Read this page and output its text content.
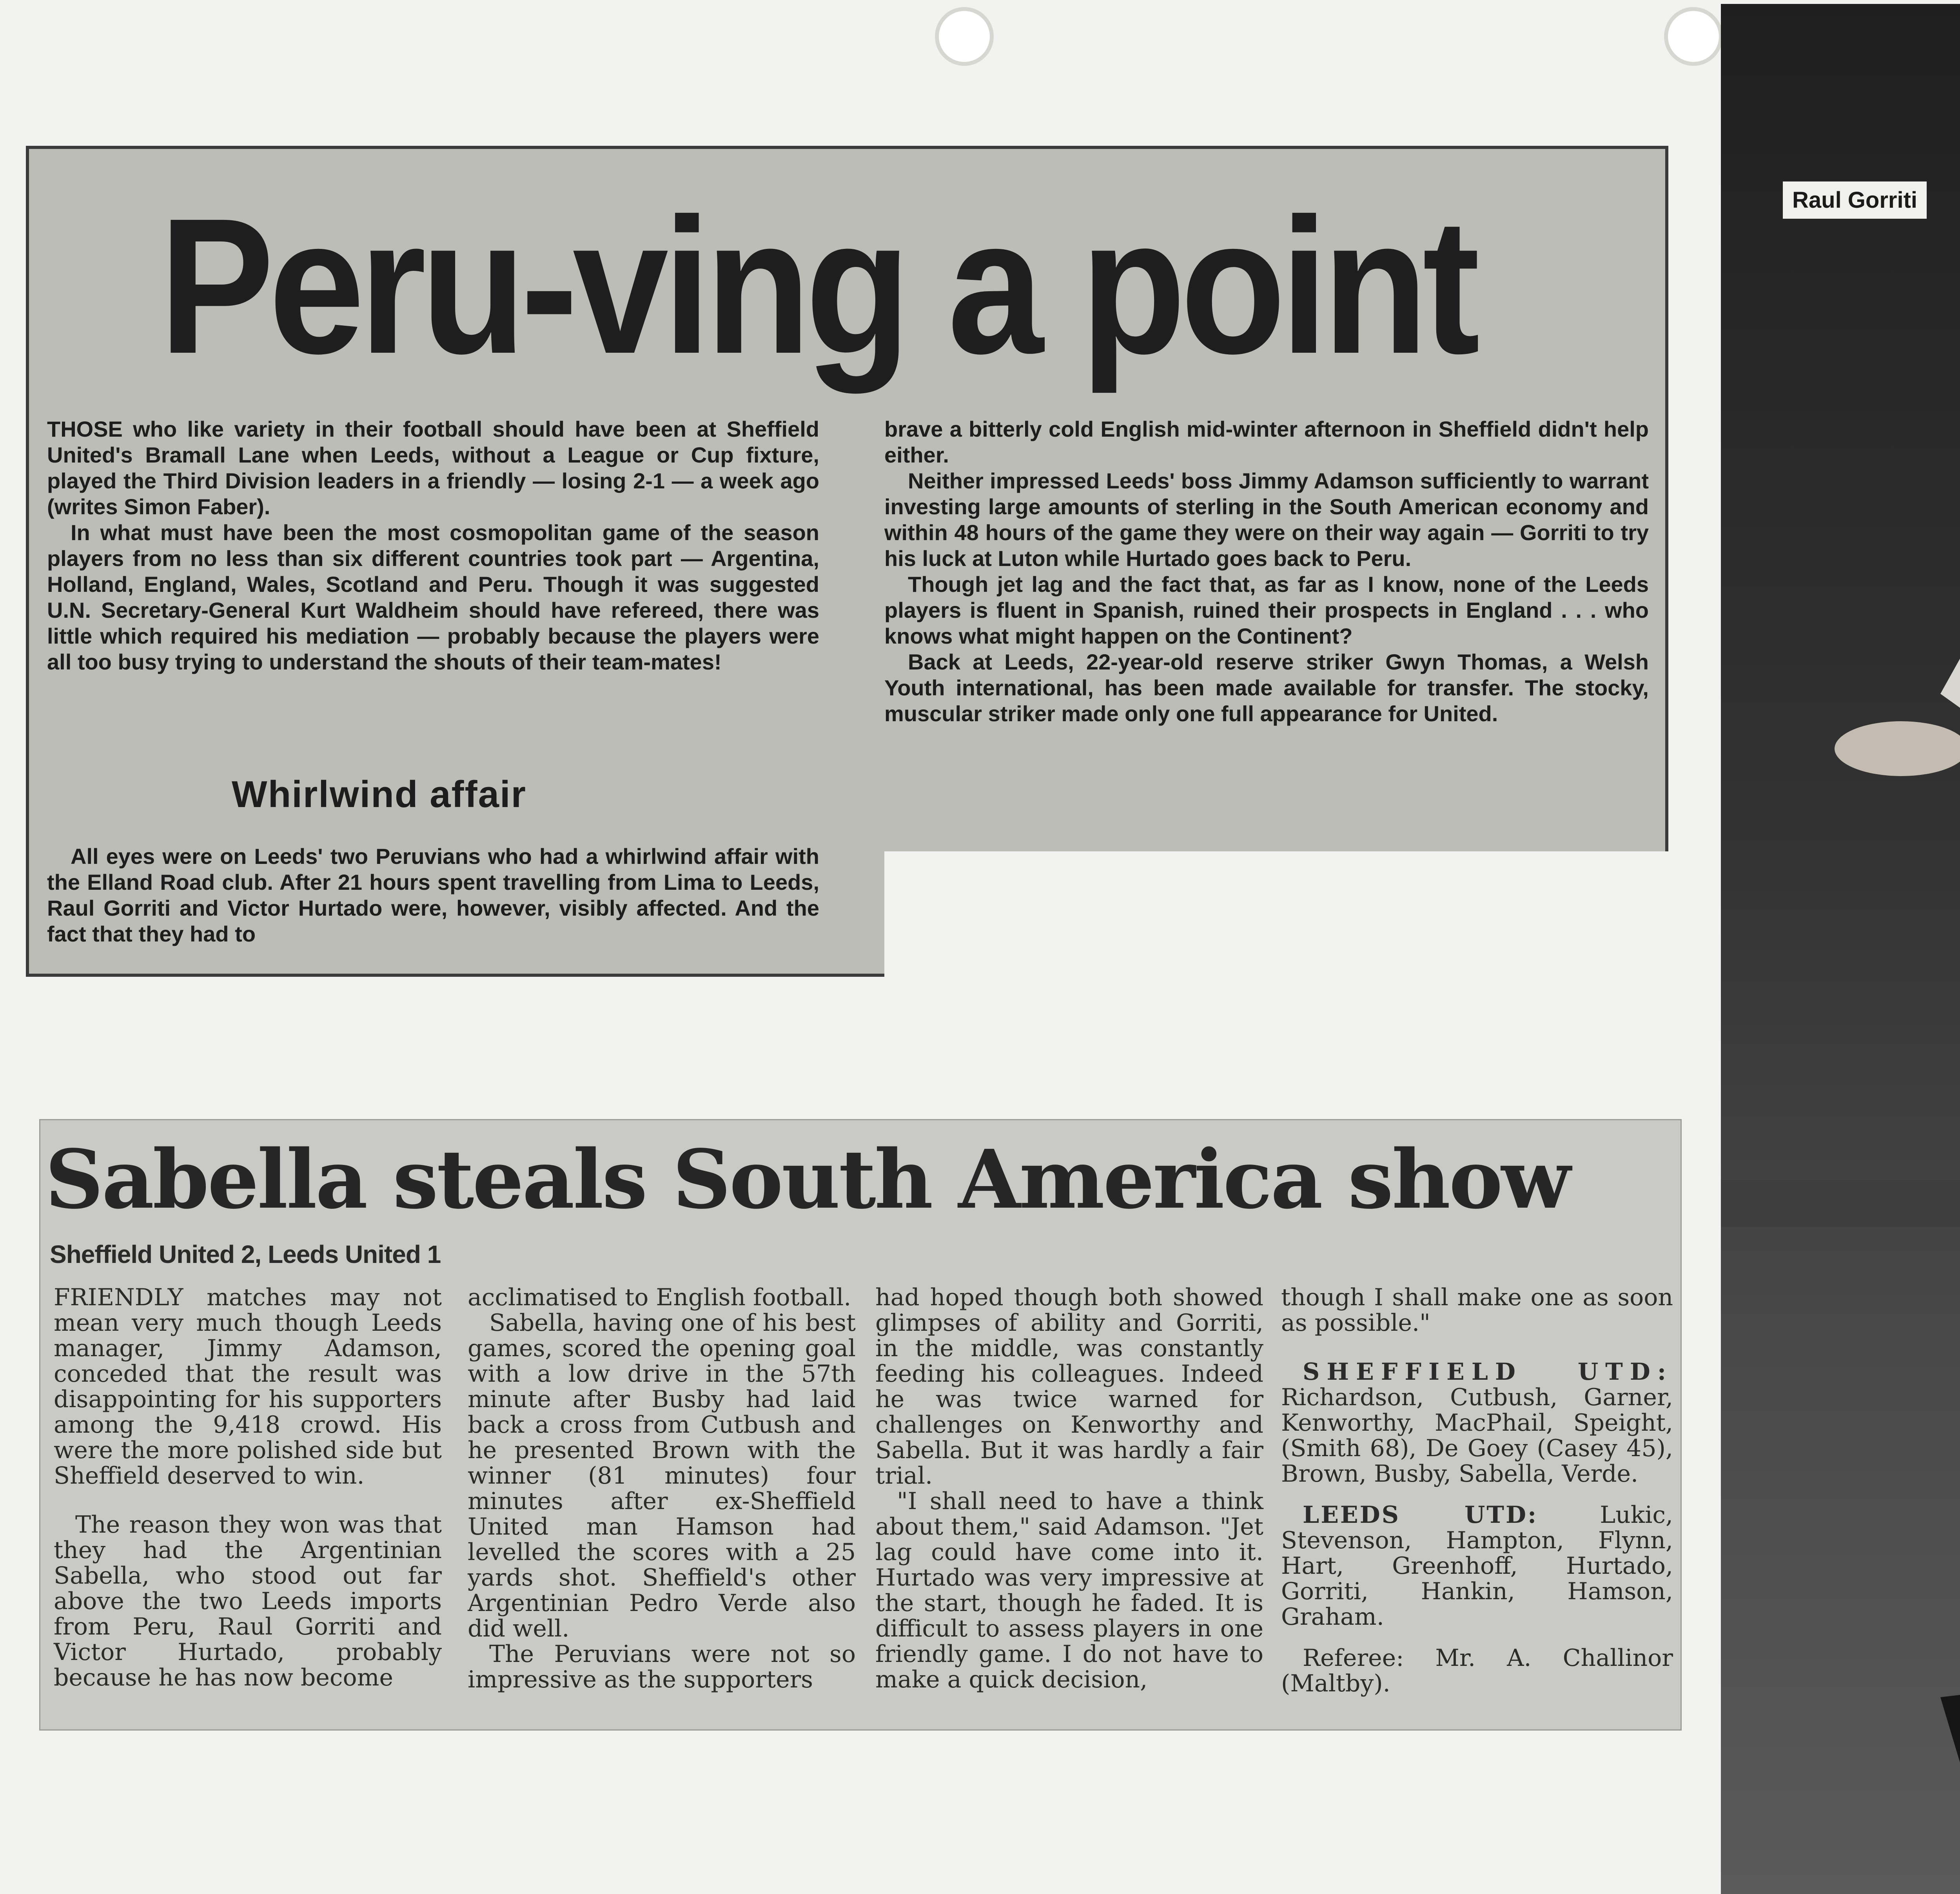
Peru-ving a point

THOSE who like variety in their football should have been at Sheffield United's Bramall Lane when Leeds, without a League or Cup fixture, played the Third Division leaders in a friendly — losing 2-1 — a week ago (writes Simon Faber).

In what must have been the most cosmopolitan game of the season players from no less than six different countries took part — Argentina, Holland, England, Wales, Scotland and Peru. Though it was suggested U.N. Secretary-General Kurt Waldheim should have refereed, there was little which required his mediation — probably because the players were all too busy trying to understand the shouts of their team-mates!

Whirlwind affair

All eyes were on Leeds' two Peruvians who had a whirlwind affair with the Elland Road club. After 21 hours spent travelling from Lima to Leeds, Raul Gorriti and Victor Hurtado were, however, visibly affected. And the fact that they had to

brave a bitterly cold English mid-winter afternoon in Sheffield didn't help either.

Neither impressed Leeds' boss Jimmy Adamson sufficiently to warrant investing large amounts of sterling in the South American economy and within 48 hours of the game they were on their way again — Gorriti to try his luck at Luton while Hurtado goes back to Peru.

Though jet lag and the fact that, as far as I know, none of the Leeds players is fluent in Spanish, ruined their prospects in England . . . who knows what might happen on the Continent?

Back at Leeds, 22-year-old reserve striker Gwyn Thomas, a Welsh Youth international, has been made available for transfer. The stocky, muscular striker made only one full appearance for United.

Sabella steals South America show
Sheffield United 2, Leeds United 1

FRIENDLY matches may not mean very much though Leeds manager, Jimmy Adamson, conceded that the result was disappointing for his supporters among the 9,418 crowd. His were the more polished side but Sheffield deserved to win.

The reason they won was that they had the Argentinian Sabella, who stood out far above the two Leeds imports from Peru, Raul Gorriti and Victor Hurtado, probably because he has now become

acclimatised to English football.

Sabella, having one of his best games, scored the opening goal with a low drive in the 57th minute after Busby had laid back a cross from Cutbush and he presented Brown with the winner (81 minutes) four minutes after ex-Sheffield United man Hamson had levelled the scores with a 25 yards shot. Sheffield's other Argentinian Pedro Verde also did well.

The Peruvians were not so impressive as the supporters

had hoped though both showed glimpses of ability and Gorriti, in the middle, was constantly feeding his colleagues. Indeed he was twice warned for challenges on Kenworthy and Sabella. But it was hardly a fair trial.

"I shall need to have a think about them," said Adamson. "Jet lag could have come into it. Hurtado was very impressive at the start, though he faded. It is difficult to assess players in one friendly game. I do not have to make a quick decision,

though I shall make one as soon as possible."

SHEFFIELD UTD: Richardson, Cutbush, Garner, Kenworthy, MacPhail, Speight, (Smith 68), De Goey (Casey 45), Brown, Busby, Sabella, Verde.

LEEDS UTD:	Lukic, Stevenson, Hampton, Flynn, Hart, Greenhoff, Hurtado, Gorriti, Hankin, Hamson, Graham.

Referee: Mr. A. Challinor (Maltby).

Raul Gorriti
